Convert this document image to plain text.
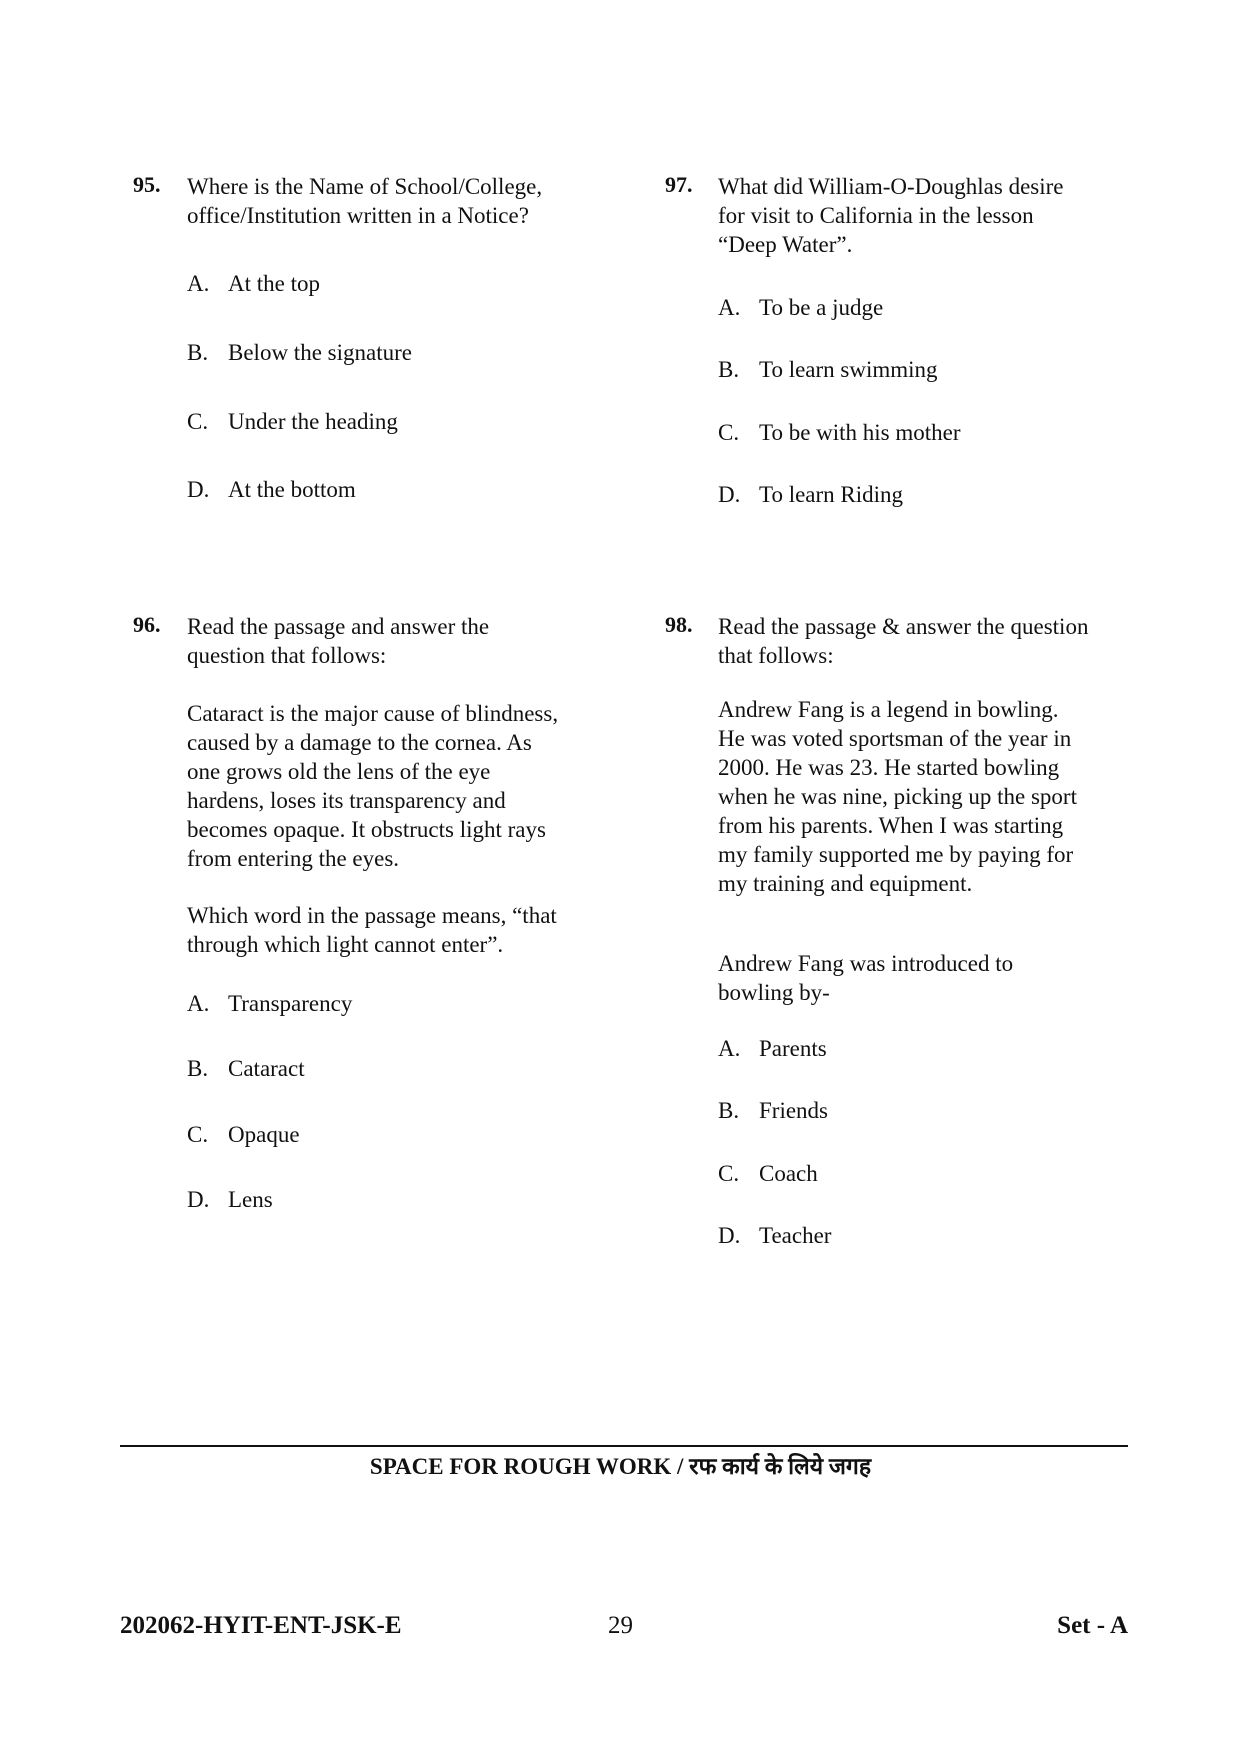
95. Where is the Name of School/College,
office/Institution written in a Notice?
A. At the top
B. Below the signature
C. Under the heading
D. At the bottom
97. What did William-O-Doughlas desire
for visit to California in the lesson
“Deep Water”.
A. To be a judge
B. To learn swimming
C. To be with his mother
D. To learn Riding
96. Read the passage and answer the
question that follows:
Cataract is the major cause of blindness,
caused by a damage to the cornea. As
one grows old the lens of the eye
hardens, loses its transparency and
becomes opaque. It obstructs light rays
from entering the eyes.
Which word in the passage means, “that
through which light cannot enter”.
A. Transparency
B. Cataract
C. Opaque
D. Lens
98. Read the passage & answer the question
that follows:
Andrew Fang is a legend in bowling.
He was voted sportsman of the year in
2000. He was 23. He started bowling
when he was nine, picking up the sport
from his parents. When I was starting
my family supported me by paying for
my training and equipment.
Andrew Fang was introduced to
bowling by-
A. Parents
B. Friends
C. Coach
D. Teacher
SPACE FOR ROUGH WORK / रफ कार्य के लिये जगह
202062-HYIT-ENT-JSK-E	29	Set - A
